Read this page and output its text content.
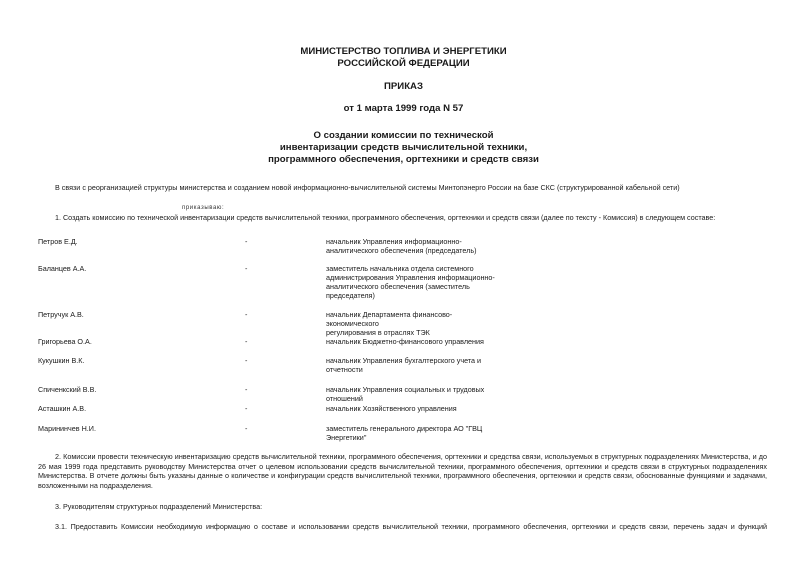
МИНИСТЕРСТВО ТОПЛИВА И ЭНЕРГЕТИКИ
РОССИЙСКОЙ ФЕДЕРАЦИИ
ПРИКАЗ
от 1 марта 1999 года N 57
О создании комиссии по технической
инвентаризации средств вычислительной техники,
программного обеспечения, оргтехники и средств связи
В связи с реорганизацией структуры министерства и созданием новой информационно-вычислительной системы Минтопэнерго России на базе СКС (структурированной кабельной сети)
приказываю:
1. Создать комиссию по технической инвентаризации средств вычислительной техники, программного обеспечения, оргтехники и средств связи (далее по тексту - Комиссия) в следующем составе:
Петров Е.Д.	-	начальник Управления информационно-
аналитического обеспечения (председатель)
Баланцев А.А.	-	заместитель начальника отдела системного
администрирования Управления информационно-
аналитического обеспечения (заместитель
председателя)
Петручук А.В.	-	начальник Департамента финансово-
экономического
регулирования в отраслях ТЭК
Григорьева О.А.	-	начальник Бюджетно-финансового управления
Кукушкин В.К.	-	начальник Управления бухгалтерского учета и
отчетности
Спиченкский В.В.	-	начальник Управления социальных и трудовых
отношений
Асташкин А.В.	-	начальник Хозяйственного управления
Марининчев Н.И.	-	заместитель генерального директора АО "ГВЦ
Энергетики"
2. Комиссии провести техническую инвентаризацию средств вычислительной техники, программного обеспечения, оргтехники и средства связи, используемых в структурных подразделениях Министерства, и до 26 мая 1999 года представить руководству Министерства отчет о целевом использовании средств вычислительной техники, программного обеспечения, оргтехники и средств связи в структурных подразделениях Министерства. В отчете должны быть указаны данные о количестве и конфигурации средств вычислительной техники, программного обеспечения, оргтехники и средств связи, обоснованные функциями и задачами, возложенными на подразделения.
3. Руководителям структурных подразделений Министерства:
3.1. Предоставить Комиссии необходимую информацию о составе и использовании средств вычислительной техники, программного обеспечения, оргтехники и средств связи, перечень задач и функций
